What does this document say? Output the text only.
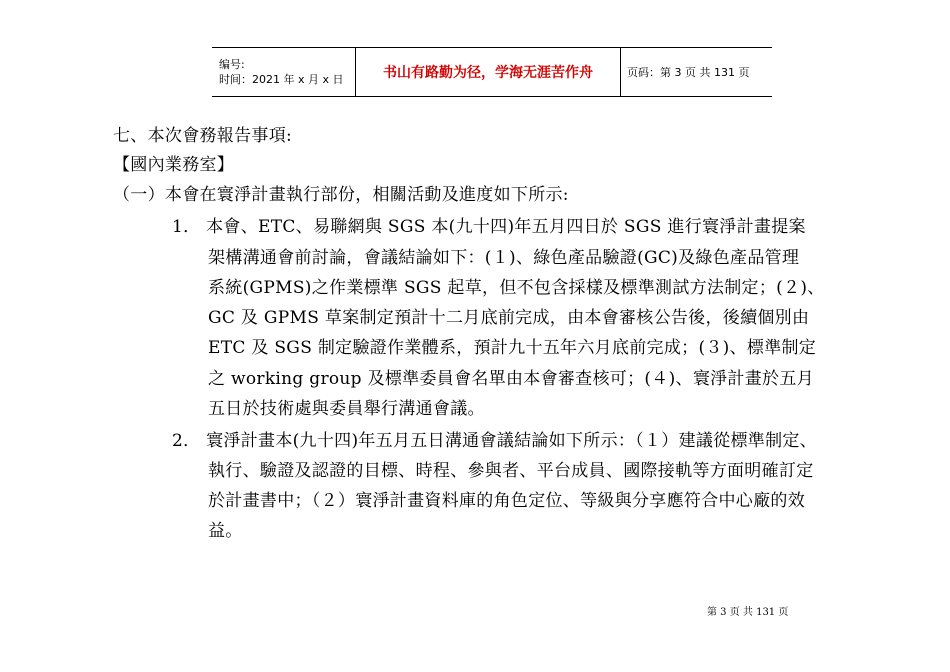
编号:
时间：2021 年 x 月 x 日	书山有路勤为径，学海无涯苦作舟	页码：第 3 页 共 131 页
七、本次會務報告事項:
【國內業務室】
（一）本會在寰淨計畫執行部份，相關活動及進度如下所示:
1． 本會、ETC、易聯網與 SGS 本(九十四)年五月四日於 SGS 進行寰淨計畫提案
架構溝通會前討論，會議結論如下：(１)、綠色產品驗證(GC)及綠色產品管理
系統(GPMS)之作業標準 SGS 起草，但不包含採樣及標準測試方法制定；(２)、
GC 及 GPMS 草案制定預計十二月底前完成，由本會審核公告後，後續個別由
ETC 及 SGS 制定驗證作業體系，預計九十五年六月底前完成；(３)、標準制定
之 working group 及標準委員會名單由本會審查核可；(４)、寰淨計畫於五月
五日於技術處與委員舉行溝通會議。
2． 寰淨計畫本(九十四)年五月五日溝通會議結論如下所示：（１）建議從標準制定、
執行、驗證及認證的目標、時程、參與者、平台成員、國際接軌等方面明確訂定
於計畫書中；（２）寰淨計畫資料庫的角色定位、等級與分享應符合中心廠的效
益。
第 3 页 共 131 页
